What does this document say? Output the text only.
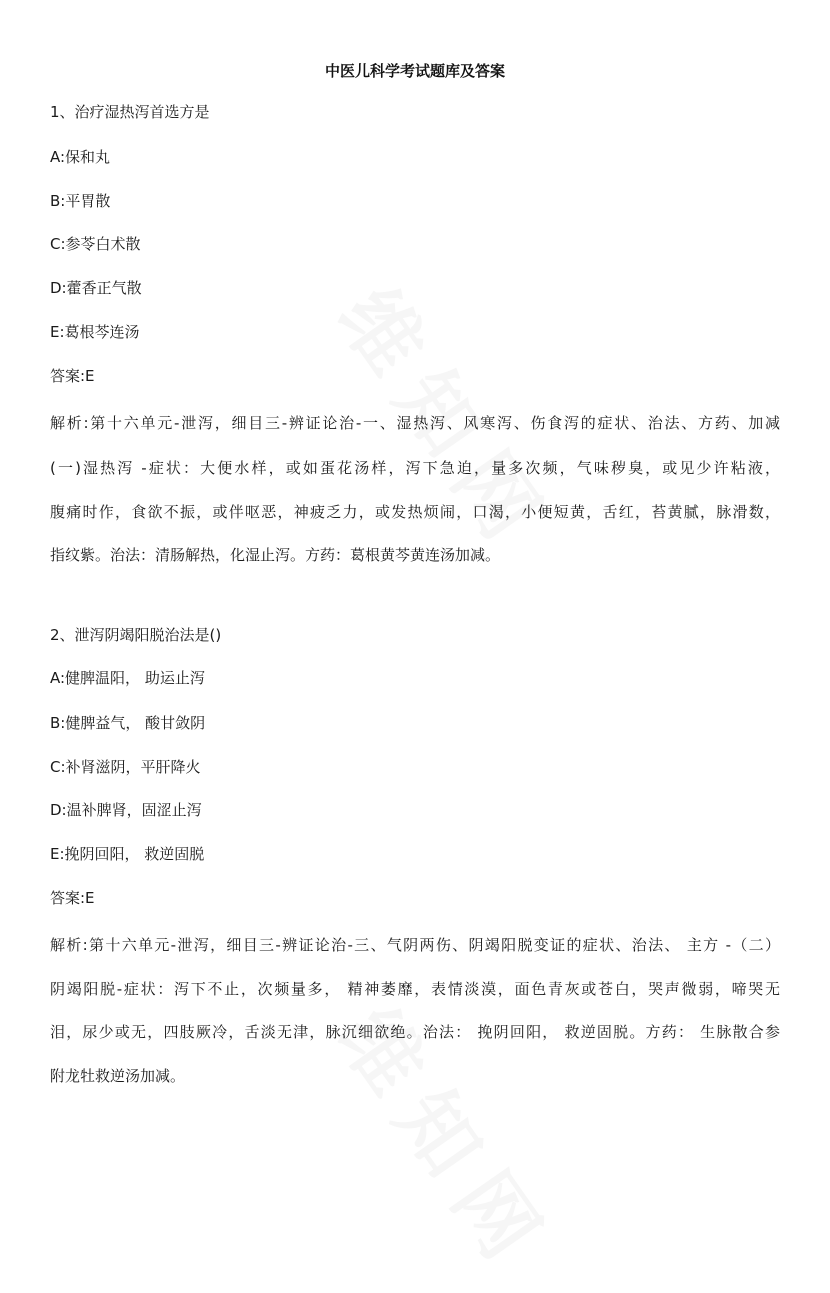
中医儿科学考试题库及答案
1、治疗湿热泻首选方是
A:保和丸
B:平胃散
C:参苓白术散
D:藿香正气散
E:葛根芩连汤
答案:E
解析:第十六单元-泄泻，细目三-辨证论治-一、湿热泻、风寒泻、伤食泻的症状、治法、方药、加减
(一)湿热泻 -症状：大便水样，或如蛋花汤样，泻下急迫，量多次频，气味秽臭，或见少许粘液，
腹痛时作，食欲不振，或伴呕恶，神疲乏力，或发热烦闹，口渴，小便短黄，舌红，苔黄腻，脉滑数，
指纹紫。治法：清肠解热，化湿止泻。方药：葛根黄芩黄连汤加减。
2、泄泻阴竭阳脱治法是()
A:健脾温阳， 助运止泻
B:健脾益气， 酸甘敛阴
C:补肾滋阴，平肝降火
D:温补脾肾，固涩止泻
E:挽阴回阳， 救逆固脱
答案:E
解析:第十六单元-泄泻，细目三-辨证论治-三、气阴两伤、阴竭阳脱变证的症状、治法、 主方 -（二）
阴竭阳脱-症状：泻下不止，次频量多， 精神萎靡，表情淡漠，面色青灰或苍白，哭声微弱，啼哭无
泪，尿少或无，四肢厥冷，舌淡无津，脉沉细欲绝。治法： 挽阴回阳， 救逆固脱。方药： 生脉散合参
附龙牡救逆汤加减。
